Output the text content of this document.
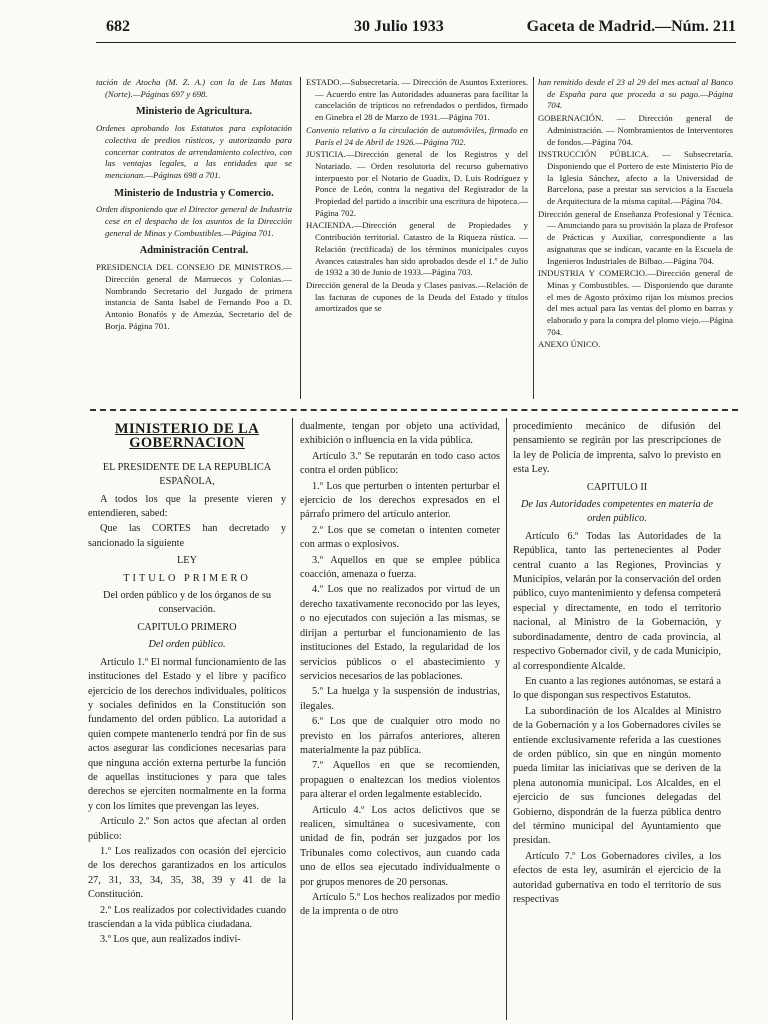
682	30 Julio 1933	Gaceta de Madrid.—Núm. 211

tación de Atocha (M. Z. A.) con la de Las Matas (Norte).—Páginas 697 y 698.

Ministerio de Agricultura.

Ordenes aprobando los Estatutos para explotación colectiva de predios rústicos, y autorizando para concertar contratos de arrendamiento colectivo, con las ventajas legales, a las entidades que se mencionan.—Páginas 698 a 701.

Ministerio de Industria y Comercio.

Orden disponiendo que el Director general de Industria cese en el despacho de los asuntos de la Dirección general de Minas y Combustibles.—Página 701.

Administración Central.

PRESIDENCIA DEL CONSEJO DE MINISTROS.—Dirección general de Marruecos y Colonias.—Nombrando Secretario del Juzgado de primera instancia de Santa Isabel de Fernando Poo a D. Antonio Bonafós y de Amezúa, Secretario del de Borja. Página 701.

ESTADO.—Subsecretaría. — Dirección de Asuntos Exteriores. — Acuerdo entre las Autoridades aduaneras para facilitar la cancelación de trípticos no refrendados o perdidos, firmado en Ginebra el 28 de Marzo de 1931.—Página 701.

Convenio relativo a la circulación de automóviles, firmado en París el 24 de Abril de 1926.—Página 702.

JUSTICIA.—Dirección general de los Registros y del Notariado. — Orden resolutoria del recurso gubernativo interpuesto por el Notario de Guadix, D. Luis Rodríguez y Ponce de León, contra la negativa del Registrador de la Propiedad del partido a inscribir una escritura de hipoteca.—Página 702.

HACIENDA.—Dirección general de Propiedades y Contribución territorial. Catastro de la Riqueza rústica. — Relación (rectificada) de los términos municipales cuyos Avances catastrales han sido aprobados desde el 1.º de Julio de 1932 a 30 de Junio de 1933.—Página 703.

Dirección general de la Deuda y Clases pasivas.—Relación de las facturas de cupones de la Deuda del Estado y títulos amortizados que se

han remitido desde el 23 al 29 del mes actual al Banco de España para que proceda a su pago.—Página 704.

GOBERNACIÓN. — Dirección general de Administración. — Nombramientos de Interventores de fondos.—Página 704.

INSTRUCCIÓN PÚBLICA. — Subsecretaría. Disponiendo que el Portero de este Ministerio Pío de la Iglesia Sánchez, afecto a la Universidad de Barcelona, pase a prestar sus servicios a la Escuela de Arquitectura de la misma capital.—Página 704.

Dirección general de Enseñanza Profesional y Técnica. — Anunciando para su provisión la plaza de Profesor de Prácticas y Auxiliar, correspondiente a las asignaturas que se indican, vacante en la Escuela de Ingenieros Industriales de Bilbao.—Página 704.

INDUSTRIA Y COMERCIO.—Dirección general de Minas y Combustibles. — Disponiendo que durante el mes de Agosto próximo rijan los mismos precios del mes actual para las ventas del plomo en barras y elaborado y para la compra del plomo viejo.—Página 704.

ANEXO ÚNICO.

MINISTERIO DE LA GOBERNACION

EL PRESIDENTE DE LA REPUBLICA ESPAÑOLA,

A todos los que la presente vieren y entendieren, sabed:

Que las CORTES han decretado y sancionado la siguiente

LEY

TITULO PRIMERO

Del orden público y de los órganos de su conservación.

CAPITULO PRIMERO

Del orden público.

Artículo 1.º El normal funcionamiento de las instituciones del Estado y el libre y pacífico ejercicio de los derechos individuales, políticos y sociales definidos en la Constitución son fundamento del orden público. La autoridad a quien compete mantenerlo tendrá por fin de sus actos asegurar las condiciones necesarias para que ninguna acción externa perturbe la función de aquellas instituciones y para que tales derechos se ejerciten normalmente en la forma y con los límites que prevengan las leyes.

Artículo 2.º Son actos que afectan al orden público:

1.º Los realizados con ocasión del ejercicio de los derechos garantizados en los artículos 27, 31, 33, 34, 35, 38, 39 y 41 de la Constitución.

2.º Los realizados por colectividades cuando trasciendan a la vida pública ciudadana.

3.º Los que, aun realizados indivi-

dualmente, tengan por objeto una actividad, exhibición o influencia en la vida pública.

Artículo 3.º Se reputarán en todo caso actos contra el orden público:

1.º Los que perturben o intenten perturbar el ejercicio de los derechos expresados en el párrafo primero del artículo anterior.

2.º Los que se cometan o intenten cometer con armas o explosivos.

3.º Aquellos en que se emplee pública coacción, amenaza o fuerza.

4.º Los que no realizados por virtud de un derecho taxativamente reconocido por las leyes, o no ejecutados con sujeción a las mismas, se dirijan a perturbar el funcionamiento de las instituciones del Estado, la regularidad de los servicios públicos o el abastecimiento y servicios necesarios de las poblaciones.

5.º La huelga y la suspensión de industrias, ilegales.

6.º Los que de cualquier otro modo no previsto en los párrafos anteriores, alteren materialmente la paz pública.

7.º Aquellos en que se recomienden, propaguen o enaltezcan los medios violentos para alterar el orden legalmente establecido.

Artículo 4.º Los actos delictivos que se realicen, simultánea o sucesivamente, con unidad de fin, podrán ser juzgados por los Tribunales como colectivos, aun cuando cada uno de ellos sea ejecutado individualmente o por grupos menores de 20 personas.

Artículo 5.º Los hechos realizados por medio de la imprenta o de otro

procedimiento mecánico de difusión del pensamiento se regirán por las prescripciones de la ley de Policía de imprenta, salvo lo previsto en esta Ley.

CAPITULO II

De las Autoridades competentes en materia de orden público.

Artículo 6.º Todas las Autoridades de la República, tanto las pertenecientes al Poder central cuanto a las Regiones, Provincias y Municipios, velarán por la conservación del orden público, cuyo mantenimiento y defensa competerá especial y directamente, en todo el territorio nacional, al Ministro de la Gobernación, y subordinadamente, dentro de cada provincia, al respectivo Gobernador civil, y de cada Municipio, al correspondiente Alcalde.

En cuanto a las regiones autónomas, se estará a lo que dispongan sus respectivos Estatutos.

La subordinación de los Alcaldes al Ministro de la Gobernación y a los Gobernadores civiles se entiende exclusivamente referida a las cuestiones de orden público, sin que en ningún momento pueda limitar las iniciativas que se deriven de la plena autonomía municipal. Los Alcaldes, en el ejercicio de sus funciones delegadas del Gobierno, dispondrán de la fuerza pública dentro del término municipal del Ayuntamiento que presidan.

Artículo 7.º Los Gobernadores civiles, a los efectos de esta ley, asumirán el ejercicio de la autoridad gubernativa en todo el territorio de sus respectivas
